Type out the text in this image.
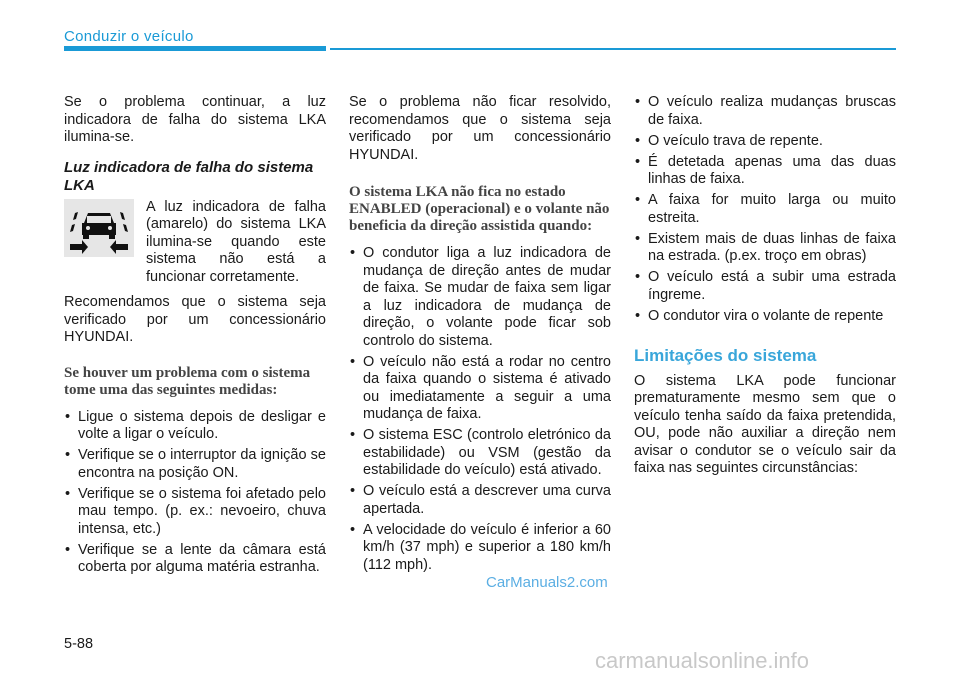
Conduzir o veículo

Se o problema continuar, a luz indicadora de falha do sistema LKA ilumina-se.

Luz indicadora de falha do sistema LKA
A luz indicadora de falha (amarelo) do sistema LKA ilumina-se quando este sistema não está a funcionar corretamente.

Recomendamos que o sistema seja verificado por um concessionário HYUNDAI.

Se houver um problema com o sistema tome uma das seguintes medidas:
• Ligue o sistema depois de desligar e volte a ligar o veículo.
• Verifique se o interruptor da ignição se encontra na posição ON.
• Verifique se o sistema foi afetado pelo mau tempo. (p. ex.: nevoeiro, chuva intensa, etc.)
• Verifique se a lente da câmara está coberta por alguma matéria estranha.

Se o problema não ficar resolvido, recomendamos que o sistema seja verificado por um concessionário HYUNDAI.

O sistema LKA não fica no estado ENABLED (operacional) e o volante não beneficia da direção assistida quando:
• O condutor liga a luz indicadora de mudança de direção antes de mudar de faixa. Se mudar de faixa sem ligar a luz indicadora de mudança de direção, o volante pode ficar sob controlo do sistema.
• O veículo não está a rodar no centro da faixa quando o sistema é ativado ou imediatamente a seguir a uma mudança de faixa.
• O sistema ESC (controlo eletrónico da estabilidade) ou VSM (gestão da estabilidade do veículo) está ativado.
• O veículo está a descrever uma curva apertada.
• A velocidade do veículo é inferior a 60 km/h (37 mph) e superior a 180 km/h (112 mph).
• O veículo realiza mudanças bruscas de faixa.
• O veículo trava de repente.
• É detetada apenas uma das duas linhas de faixa.
• A faixa for muito larga ou muito estreita.
• Existem mais de duas linhas de faixa na estrada. (p.ex. troço em obras)
• O veículo está a subir uma estrada íngreme.
• O condutor vira o volante de repente
Limitações do sistema

O sistema LKA pode funcionar prematuramente mesmo sem que o veículo tenha saído da faixa pretendida, OU, pode não auxiliar a direção nem avisar o condutor se o veículo sair da faixa nas seguintes circunstâncias:

5-88
CarManuals2.com
carmanualsonline.info
